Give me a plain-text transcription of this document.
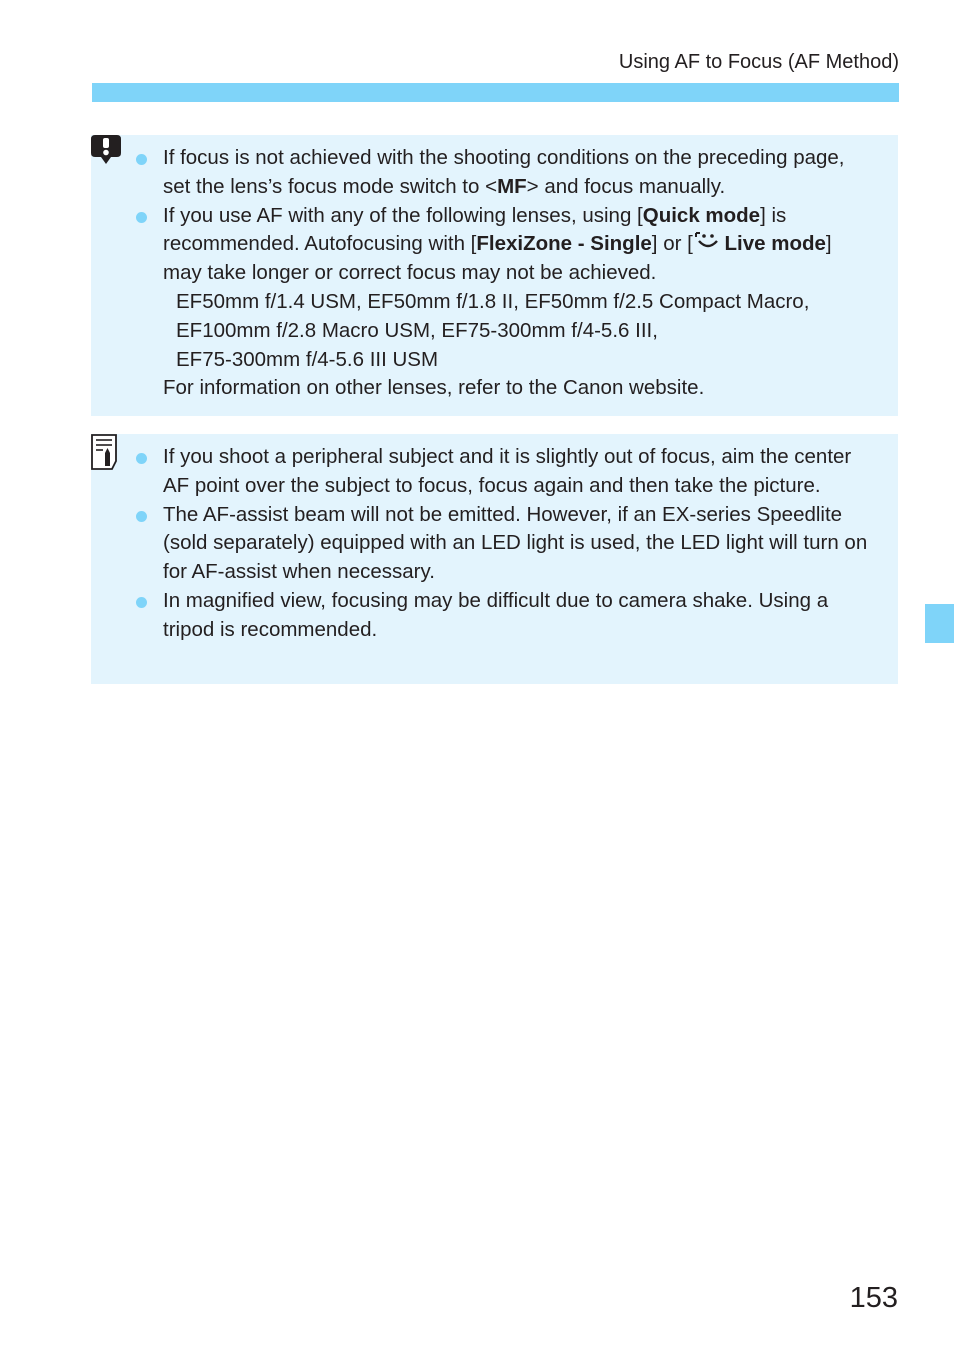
Using AF to Focus (AF Method)
If focus is not achieved with the shooting conditions on the preceding page, set the lens’s focus mode switch to <MF> and focus manually.
If you use AF with any of the following lenses, using [Quick mode] is recommended. Autofocusing with [FlexiZone - Single] or [ Live mode] may take longer or correct focus may not be achieved.
EF50mm f/1.4 USM, EF50mm f/1.8 II, EF50mm f/2.5 Compact Macro,
EF100mm f/2.8 Macro USM, EF75-300mm f/4-5.6 III,
EF75-300mm f/4-5.6 III USM
For information on other lenses, refer to the Canon website.
If you shoot a peripheral subject and it is slightly out of focus, aim the center AF point over the subject to focus, focus again and then take the picture.
The AF-assist beam will not be emitted. However, if an EX-series Speedlite (sold separately) equipped with an LED light is used, the LED light will turn on for AF-assist when necessary.
In magnified view, focusing may be difficult due to camera shake. Using a tripod is recommended.
153
